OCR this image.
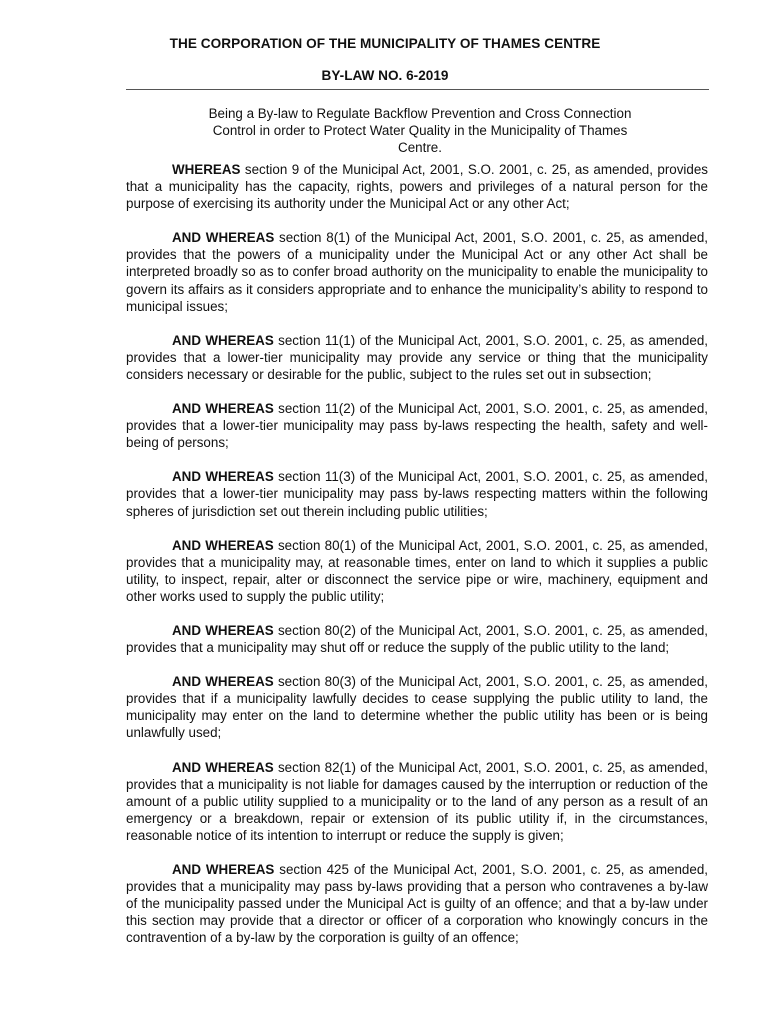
THE CORPORATION OF THE MUNICIPALITY OF THAMES CENTRE
BY-LAW NO. 6-2019
Being a By-law to Regulate Backflow Prevention and Cross Connection Control in order to Protect Water Quality in the Municipality of Thames Centre.

WHEREAS section 9 of the Municipal Act, 2001, S.O. 2001, c. 25, as amended, provides that a municipality has the capacity, rights, powers and privileges of a natural person for the purpose of exercising its authority under the Municipal Act or any other Act;

AND WHEREAS section 8(1) of the Municipal Act, 2001, S.O. 2001, c. 25, as amended, provides that the powers of a municipality under the Municipal Act or any other Act shall be interpreted broadly so as to confer broad authority on the municipality to enable the municipality to govern its affairs as it considers appropriate and to enhance the municipality’s ability to respond to municipal issues;

AND WHEREAS section 11(1) of the Municipal Act, 2001, S.O. 2001, c. 25, as amended, provides that a lower-tier municipality may provide any service or thing that the municipality considers necessary or desirable for the public, subject to the rules set out in subsection;

AND WHEREAS section 11(2) of the Municipal Act, 2001, S.O. 2001, c. 25, as amended, provides that a lower-tier municipality may pass by-laws respecting the health, safety and well-being of persons;

AND WHEREAS section 11(3) of the Municipal Act, 2001, S.O. 2001, c. 25, as amended, provides that a lower-tier municipality may pass by-laws respecting matters within the following spheres of jurisdiction set out therein including public utilities;

AND WHEREAS section 80(1) of the Municipal Act, 2001, S.O. 2001, c. 25, as amended, provides that a municipality may, at reasonable times, enter on land to which it supplies a public utility, to inspect, repair, alter or disconnect the service pipe or wire, machinery, equipment and other works used to supply the public utility;

AND WHEREAS section 80(2) of the Municipal Act, 2001, S.O. 2001, c. 25, as amended, provides that a municipality may shut off or reduce the supply of the public utility to the land;

AND WHEREAS section 80(3) of the Municipal Act, 2001, S.O. 2001, c. 25, as amended, provides that if a municipality lawfully decides to cease supplying the public utility to land, the municipality may enter on the land to determine whether the public utility has been or is being unlawfully used;

AND WHEREAS section 82(1) of the Municipal Act, 2001, S.O. 2001, c. 25, as amended, provides that a municipality is not liable for damages caused by the interruption or reduction of the amount of a public utility supplied to a municipality or to the land of any person as a result of an emergency or a breakdown, repair or extension of its public utility if, in the circumstances, reasonable notice of its intention to interrupt or reduce the supply is given;

AND WHEREAS section 425 of the Municipal Act, 2001, S.O. 2001, c. 25, as amended, provides that a municipality may pass by-laws providing that a person who contravenes a by-law of the municipality passed under the Municipal Act is guilty of an offence; and that a by-law under this section may provide that a director or officer of a corporation who knowingly concurs in the contravention of a by-law by the corporation is guilty of an offence;
